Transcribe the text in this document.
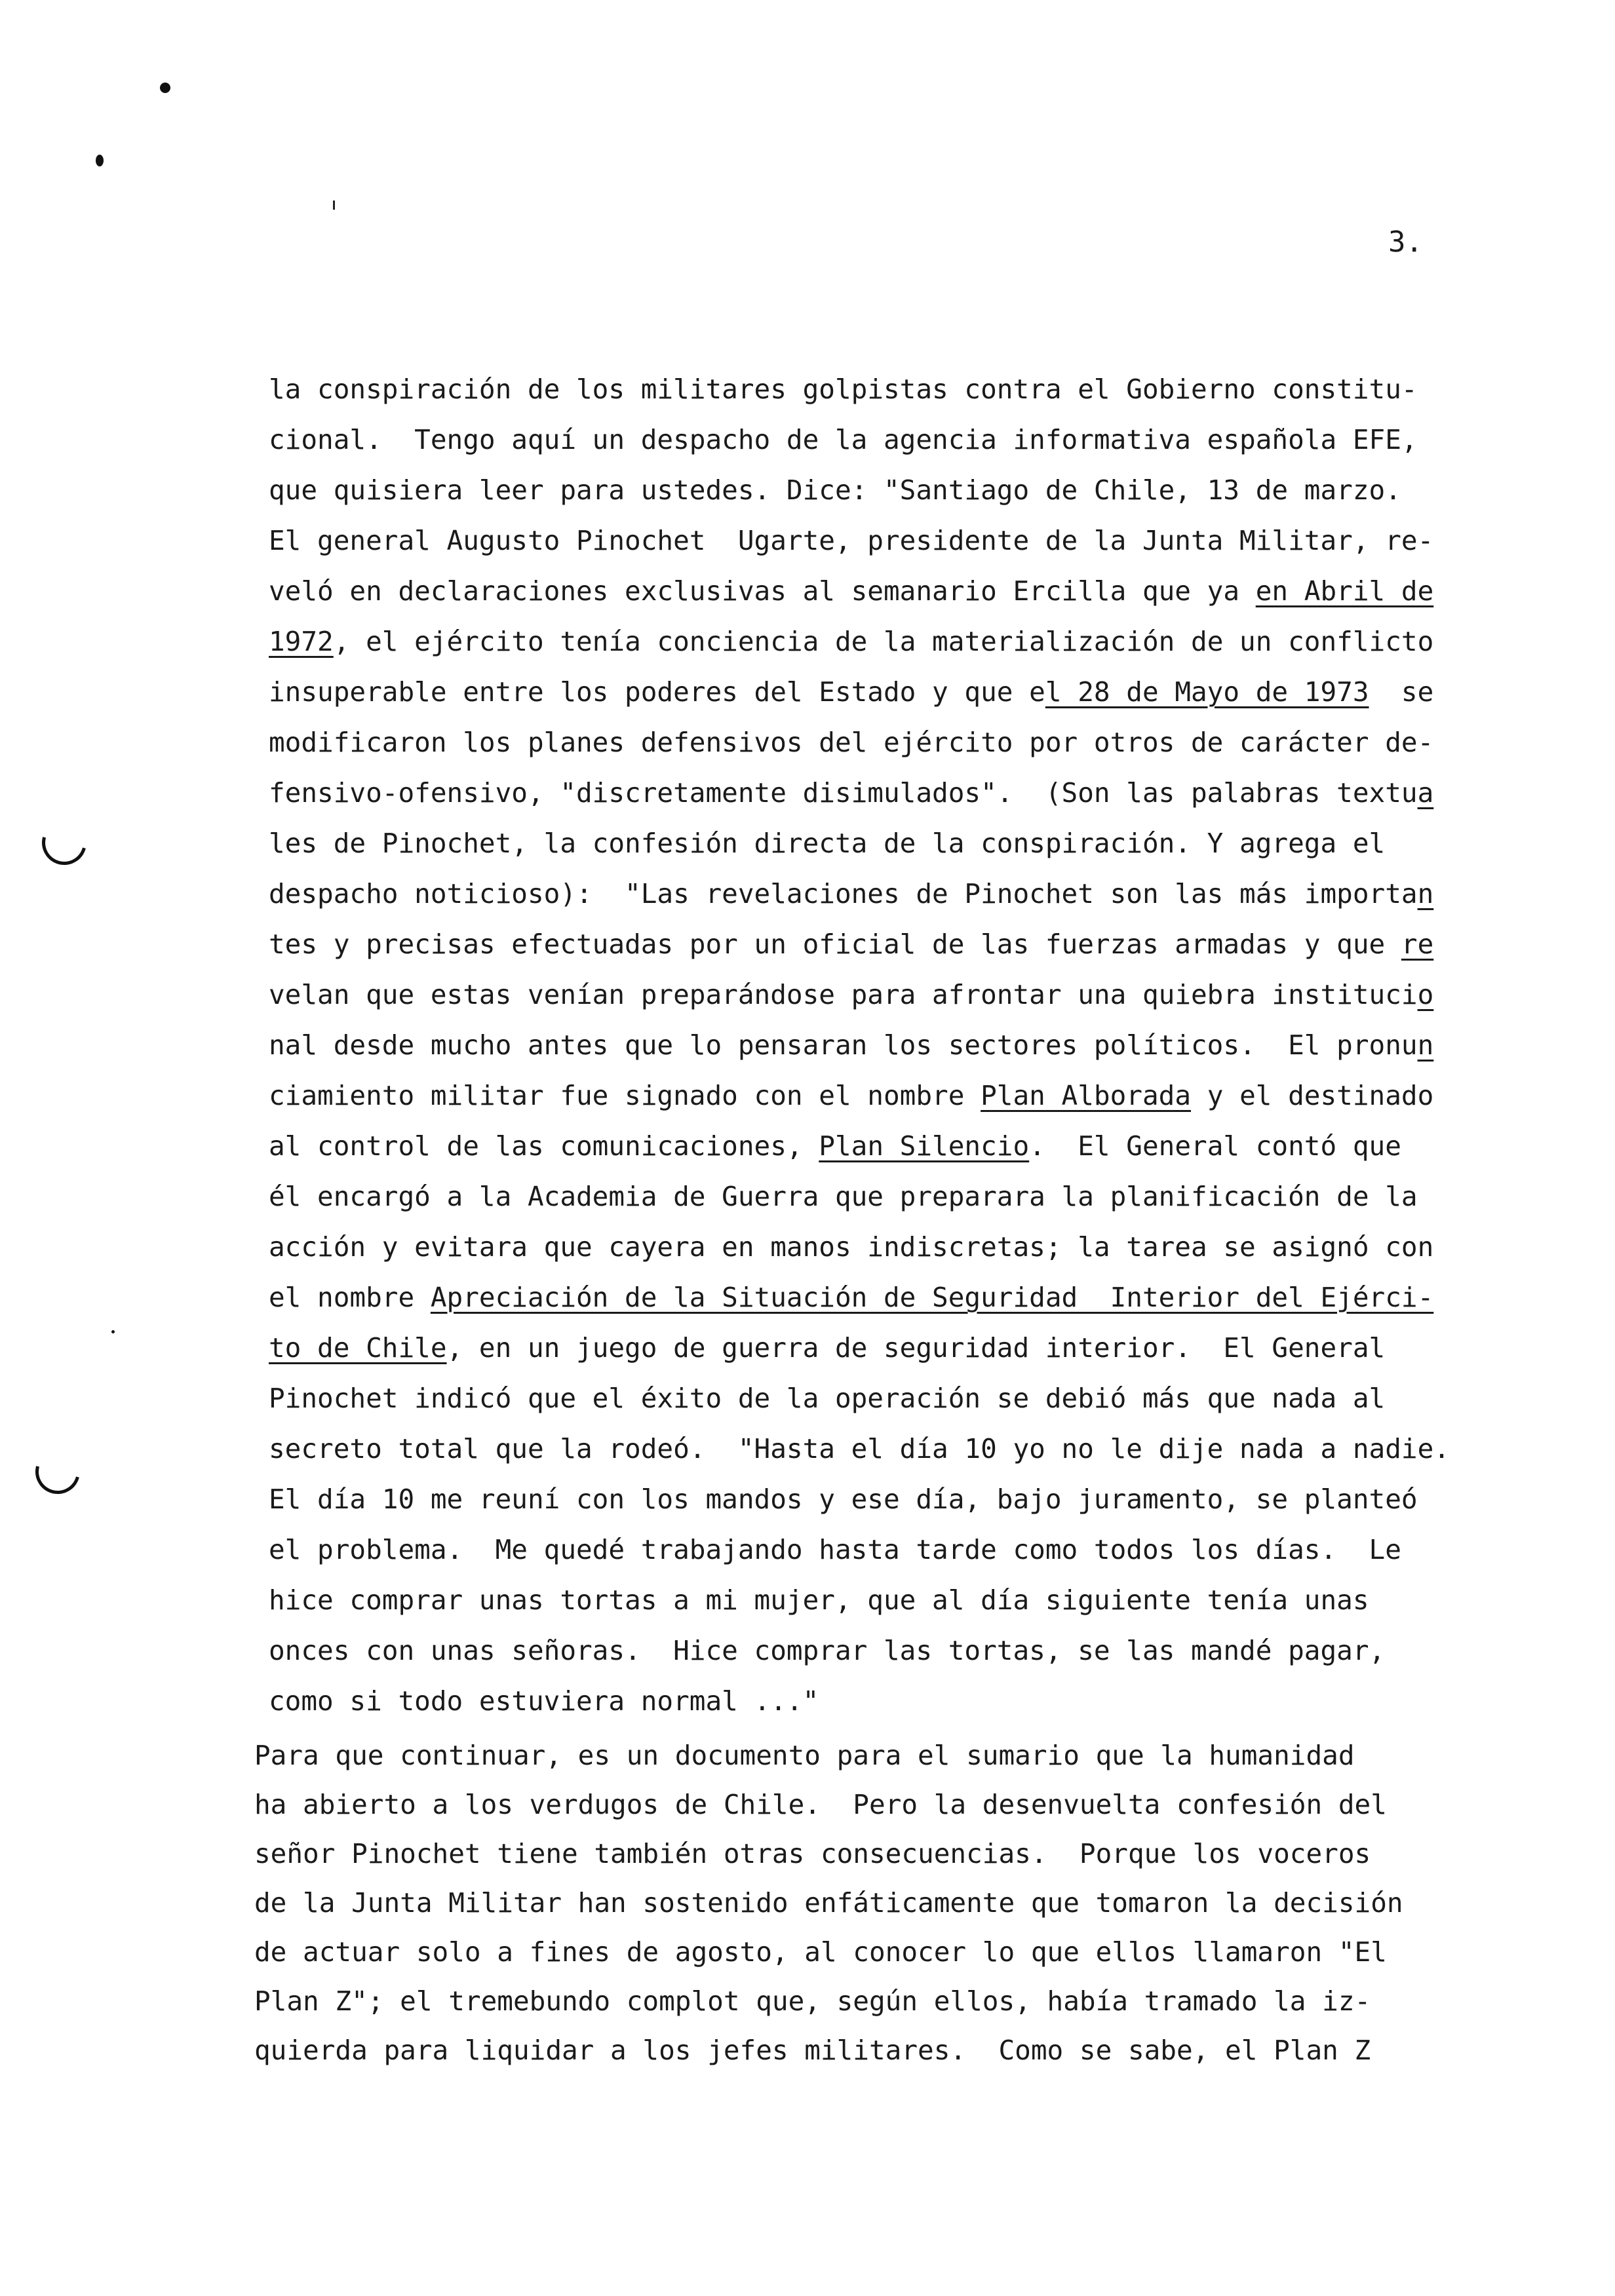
3.
la conspiración de los militares golpistas contra el Gobierno constitu-
cional.  Tengo aquí un despacho de la agencia informativa española EFE,
que quisiera leer para ustedes. Dice: "Santiago de Chile, 13 de marzo.
El general Augusto Pinochet  Ugarte, presidente de la Junta Militar, re-
veló en declaraciones exclusivas al semanario Ercilla que ya en Abril de
1972, el ejército tenía conciencia de la materialización de un conflicto
insuperable entre los poderes del Estado y que el 28 de Mayo de 1973  se
modificaron los planes defensivos del ejército por otros de carácter de-
fensivo-ofensivo, "discretamente disimulados".  (Son las palabras textua
les de Pinochet, la confesión directa de la conspiración. Y agrega el
despacho noticioso):  "Las revelaciones de Pinochet son las más importan
tes y precisas efectuadas por un oficial de las fuerzas armadas y que re
velan que estas venían preparándose para afrontar una quiebra institucio
nal desde mucho antes que lo pensaran los sectores políticos.  El pronun
ciamiento militar fue signado con el nombre Plan Alborada y el destinado
al control de las comunicaciones, Plan Silencio.  El General contó que
él encargó a la Academia de Guerra que preparara la planificación de la
acción y evitara que cayera en manos indiscretas; la tarea se asignó con
el nombre Apreciación de la Situación de Seguridad  Interior del Ejérci-
to de Chile, en un juego de guerra de seguridad interior.  El General
Pinochet indicó que el éxito de la operación se debió más que nada al
secreto total que la rodeó.  "Hasta el día 10 yo no le dije nada a nadie.
El día 10 me reuní con los mandos y ese día, bajo juramento, se planteó
el problema.  Me quedé trabajando hasta tarde como todos los días.  Le
hice comprar unas tortas a mi mujer, que al día siguiente tenía unas
onces con unas señoras.  Hice comprar las tortas, se las mandé pagar,
como si todo estuviera normal ..."
Para que continuar, es un documento para el sumario que la humanidad
ha abierto a los verdugos de Chile.  Pero la desenvuelta confesión del
señor Pinochet tiene también otras consecuencias.  Porque los voceros
de la Junta Militar han sostenido enfáticamente que tomaron la decisión
de actuar solo a fines de agosto, al conocer lo que ellos llamaron "El
Plan Z"; el tremebundo complot que, según ellos, había tramado la iz-
quierda para liquidar a los jefes militares.  Como se sabe, el Plan Z
